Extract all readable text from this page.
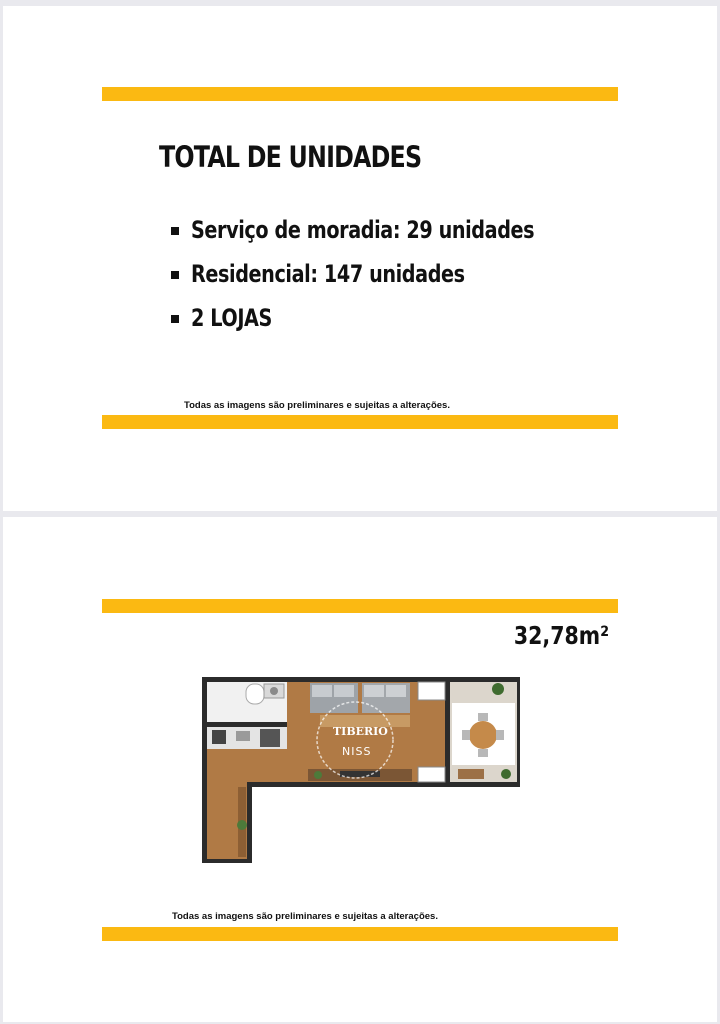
TOTAL DE UNIDADES
Serviço de moradia: 29 unidades
Residencial: 147 unidades
2 LOJAS
Todas as imagens são preliminares e sujeitas a alterações.
32,78m²
TIBERIO
NISS
Todas as imagens são preliminares e sujeitas a alterações.
